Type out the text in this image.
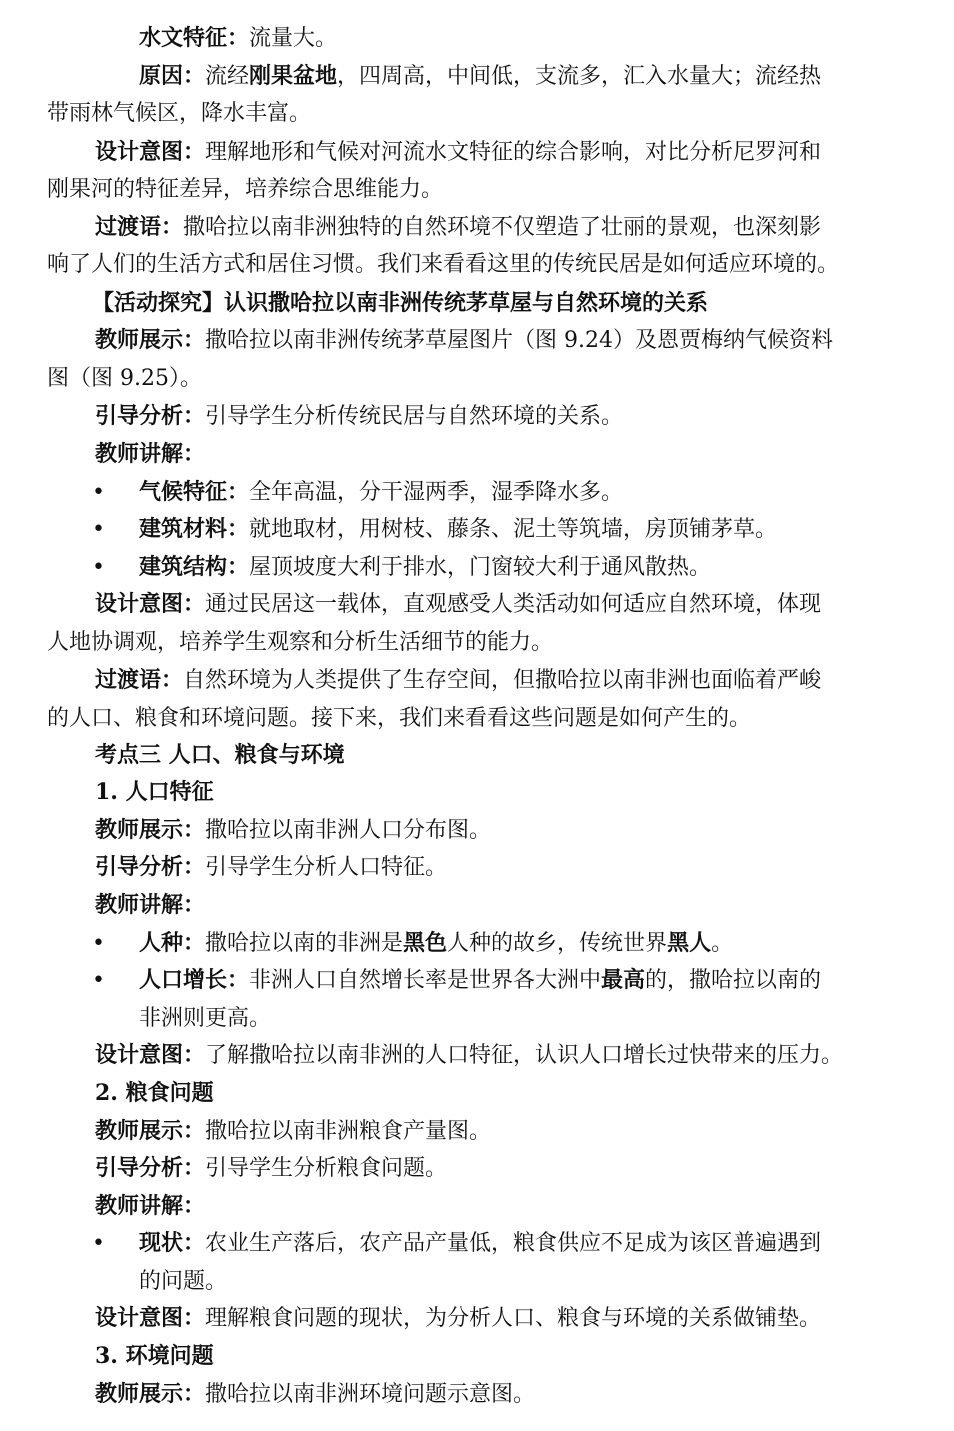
水文特征：流量大。
原因：流经刚果盆地，四周高，中间低，支流多，汇入水量大；流经热
带雨林气候区，降水丰富。
设计意图：理解地形和气候对河流水文特征的综合影响，对比分析尼罗河和
刚果河的特征差异，培养综合思维能力。
过渡语：撒哈拉以南非洲独特的自然环境不仅塑造了壮丽的景观，也深刻影
响了人们的生活方式和居住习惯。我们来看看这里的传统民居是如何适应环境的。
【活动探究】认识撒哈拉以南非洲传统茅草屋与自然环境的关系
教师展示：撒哈拉以南非洲传统茅草屋图片（图 9.24）及恩贾梅纳气候资料
图（图 9.25）。
引导分析：引导学生分析传统民居与自然环境的关系。
教师讲解：
•	气候特征：全年高温，分干湿两季，湿季降水多。
•	建筑材料：就地取材，用树枝、藤条、泥土等筑墙，房顶铺茅草。
•	建筑结构：屋顶坡度大利于排水，门窗较大利于通风散热。
设计意图：通过民居这一载体，直观感受人类活动如何适应自然环境，体现
人地协调观，培养学生观察和分析生活细节的能力。
过渡语：自然环境为人类提供了生存空间，但撒哈拉以南非洲也面临着严峻
的人口、粮食和环境问题。接下来，我们来看看这些问题是如何产生的。
考点三 人口、粮食与环境
1. 人口特征
教师展示：撒哈拉以南非洲人口分布图。
引导分析：引导学生分析人口特征。
教师讲解：
•	人种：撒哈拉以南的非洲是黑色人种的故乡，传统世界黑人。
•	人口增长：非洲人口自然增长率是世界各大洲中最高的，撒哈拉以南的
非洲则更高。
设计意图：了解撒哈拉以南非洲的人口特征，认识人口增长过快带来的压力。
2. 粮食问题
教师展示：撒哈拉以南非洲粮食产量图。
引导分析：引导学生分析粮食问题。
教师讲解：
•	现状：农业生产落后，农产品产量低，粮食供应不足成为该区普遍遇到
的问题。
设计意图：理解粮食问题的现状，为分析人口、粮食与环境的关系做铺垫。
3. 环境问题
教师展示：撒哈拉以南非洲环境问题示意图。
